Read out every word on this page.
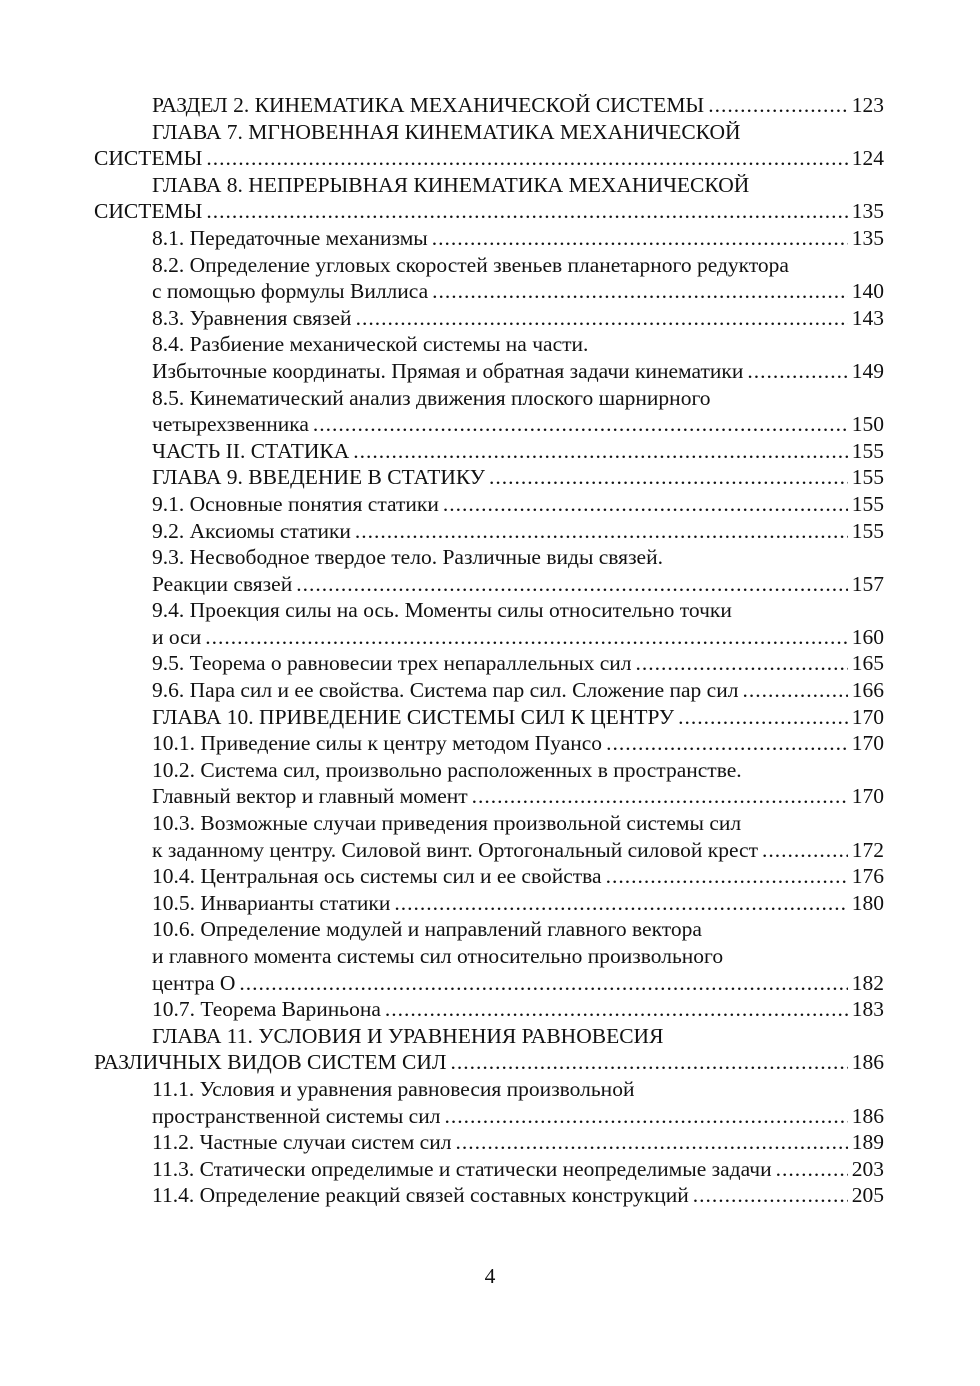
РАЗДЕЛ 2. КИНЕМАТИКА МЕХАНИЧЕСКОЙ СИСТЕМЫ .....	123
ГЛАВА 7. МГНОВЕННАЯ КИНЕМАТИКА МЕХАНИЧЕСКОЙ
СИСТЕМЫ .....	124
ГЛАВА 8. НЕПРЕРЫВНАЯ КИНЕМАТИКА МЕХАНИЧЕСКОЙ
СИСТЕМЫ .....	135
8.1. Передаточные механизмы .....	135
8.2. Определение угловых скоростей звеньев планетарного редуктора
с помощью формулы Виллиса .....	140
8.3. Уравнения связей .....	143
8.4. Разбиение механической системы на части.
Избыточные координаты. Прямая и обратная задачи кинематики .....	149
8.5. Кинематический анализ движения плоского шарнирного
четырехзвенника .....	150
ЧАСТЬ II. СТАТИКА .....	155
ГЛАВА 9. ВВЕДЕНИЕ В СТАТИКУ .....	155
9.1. Основные понятия статики .....	155
9.2. Аксиомы статики .....	155
9.3. Несвободное твердое тело. Различные виды связей.
Реакции связей .....	157
9.4. Проекция силы на ось. Моменты силы относительно точки
и оси .....	160
9.5. Теорема о равновесии трех непараллельных сил .....	165
9.6. Пара сил и ее свойства. Система пар сил. Сложение пар сил .....	166
ГЛАВА 10. ПРИВЕДЕНИЕ СИСТЕМЫ СИЛ К ЦЕНТРУ .....	170
10.1. Приведение силы к центру методом Пуансо .....	170
10.2. Система сил, произвольно расположенных в пространстве.
Главный вектор и главный момент .....	170
10.3. Возможные случаи приведения произвольной системы сил
к заданному центру. Силовой винт. Ортогональный силовой крест .....	172
10.4. Центральная ось системы сил и ее свойства .....	176
10.5. Инварианты статики .....	180
10.6. Определение модулей и направлений главного вектора
и главного момента системы сил относительно произвольного
центра O .....	182
10.7. Теорема Вариньона .....	183
ГЛАВА 11. УСЛОВИЯ И УРАВНЕНИЯ РАВНОВЕСИЯ
РАЗЛИЧНЫХ ВИДОВ СИСТЕМ СИЛ .....	186
11.1. Условия и уравнения равновесия произвольной
пространственной системы сил .....	186
11.2. Частные случаи систем сил .....	189
11.3. Статически определимые и статически неопределимые задачи .....	203
11.4. Определение реакций связей составных конструкций .....	205
4
